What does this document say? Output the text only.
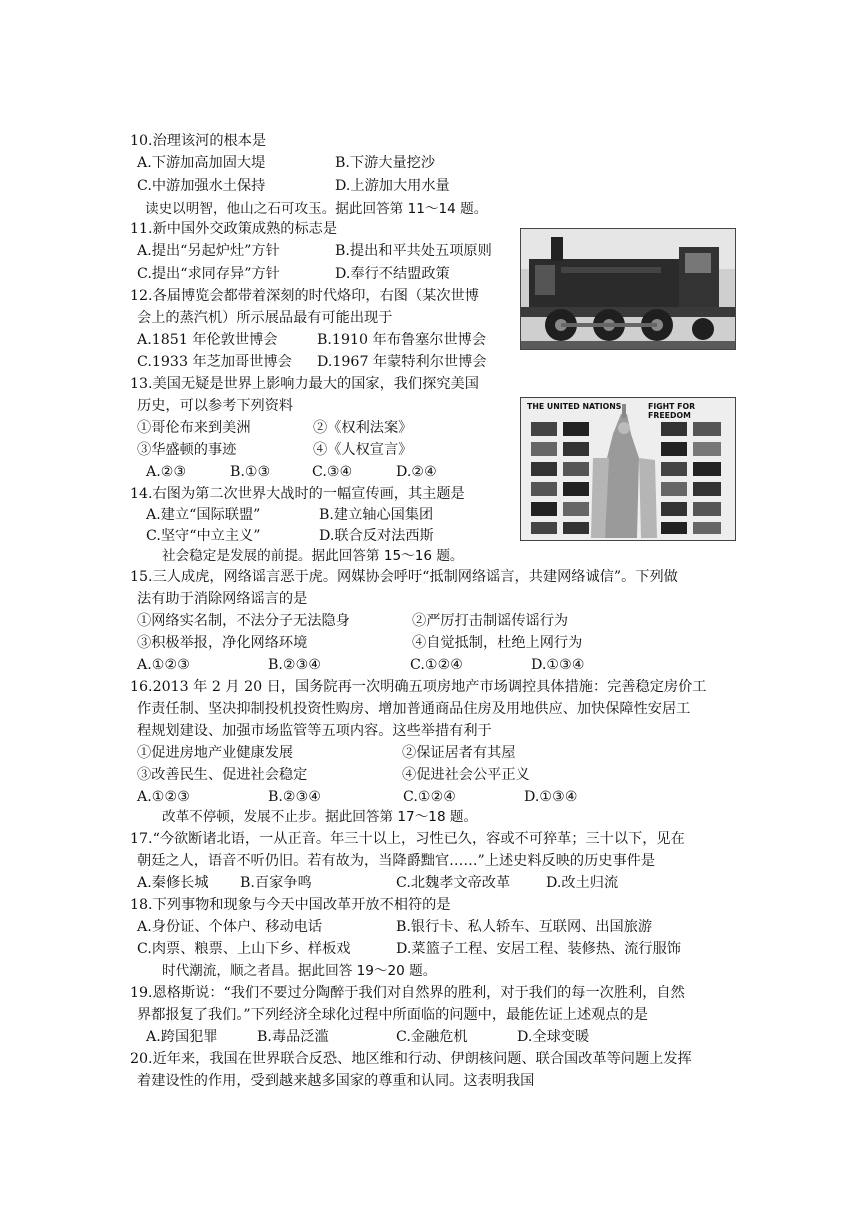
10.治理该河的根本是
A.下游加高加固大堤	B.下游大量挖沙
C.中游加强水土保持	D.上游加大用水量
读史以明智，他山之石可攻玉。据此回答第 11～14 题。
11.新中国外交政策成熟的标志是
A.提出“另起炉灶”方针	B.提出和平共处五项原则
C.提出“求同存异”方针	D.奉行不结盟政策
12.各届博览会都带着深刻的时代烙印，右图（某次世博
会上的蒸汽机）所示展品最有可能出现于
A.1851 年伦敦世博会	B.1910 年布鲁塞尔世博会
C.1933 年芝加哥世博会 D.1967 年蒙特利尔世博会
13.美国无疑是世界上影响力最大的国家，我们探究美国
历史，可以参考下列资料
①哥伦布来到美洲	②《权利法案》
③华盛顿的事迹	④《人权宣言》
A.②③	B.①③	C.③④	D.②④
THE UNITED NATIONS	FIGHT FOR FREEDOM
14.右图为第二次世界大战时的一幅宣传画，其主题是
A.建立“国际联盟”	B.建立轴心国集团
C.坚守“中立主义”	D.联合反对法西斯
社会稳定是发展的前提。据此回答第 15～16 题。
15.三人成虎，网络谣言恶于虎。网媒协会呼吁“抵制网络谣言，共建网络诚信”。下列做
法有助于消除网络谣言的是
①网络实名制，不法分子无法隐身	②严厉打击制谣传谣行为
③积极举报，净化网络环境	④自觉抵制，杜绝上网行为
A.①②③	B.②③④	C.①②④	D.①③④
16.2013 年 2 月 20 日，国务院再一次明确五项房地产市场调控具体措施：完善稳定房价工
作责任制、坚决抑制投机投资性购房、增加普通商品住房及用地供应、加快保障性安居工
程规划建设、加强市场监管等五项内容。这些举措有利于
①促进房地产业健康发展	②保证居者有其屋
③改善民生、促进社会稳定	④促进社会公平正义
A.①②③	B.②③④	C.①②④	D.①③④
改革不停顿，发展不止步。据此回答第 17～18 题。
17.“今欲断诸北语，一从正音。年三十以上，习性已久，容或不可猝革；三十以下，见在
朝廷之人，语音不听仍旧。若有故为，当降爵黜官……”上述史料反映的历史事件是
A.秦修长城 B.百家争鸣	C.北魏孝文帝改革	D.改土归流
18.下列事物和现象与今天中国改革开放不相符的是
A.身份证、个体户、移动电话	B.银行卡、私人轿车、互联网、出国旅游
C.肉票、粮票、上山下乡、样板戏	D.菜篮子工程、安居工程、装修热、流行服饰
时代潮流，顺之者昌。据此回答 19～20 题。
19.恩格斯说：“我们不要过分陶醉于我们对自然界的胜利，对于我们的每一次胜利，自然
界都报复了我们。”下列经济全球化过程中所面临的问题中，最能佐证上述观点的是
A.跨国犯罪	B.毒品泛滥	C.金融危机	D.全球变暖
20.近年来，我国在世界联合反恐、地区维和行动、伊朗核问题、联合国改革等问题上发挥
着建设性的作用，受到越来越多国家的尊重和认同。这表明我国
